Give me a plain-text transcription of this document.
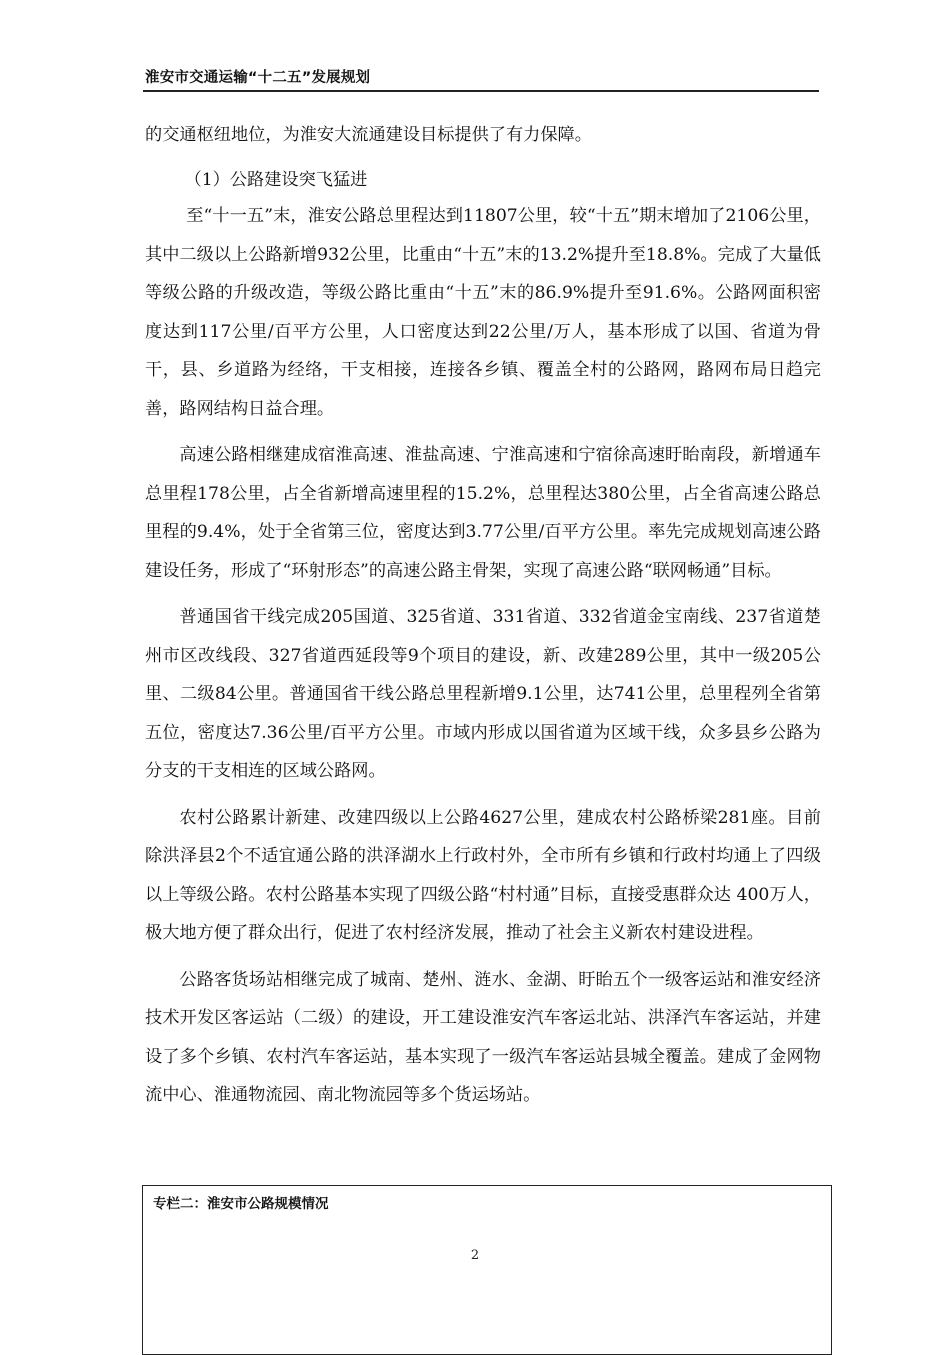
淮安市交通运输“十二五”发展规划

的交通枢纽地位，为淮安大流通建设目标提供了有力保障。

（1）公路建设突飞猛进

至“十一五”末，淮安公路总里程达到11807公里，较“十五”期末增加了2106公里，其中二级以上公路新增932公里，比重由“十五”末的13.2%提升至18.8%。完成了大量低等级公路的升级改造，等级公路比重由“十五”末的86.9%提升至91.6%。公路网面积密度达到117公里/百平方公里，人口密度达到22公里/万人，基本形成了以国、省道为骨干，县、乡道路为经络，干支相接，连接各乡镇、覆盖全村的公路网，路网布局日趋完善，路网结构日益合理。

高速公路相继建成宿淮高速、淮盐高速、宁淮高速和宁宿徐高速盱眙南段，新增通车总里程178公里，占全省新增高速里程的15.2%，总里程达380公里，占全省高速公路总里程的9.4%，处于全省第三位，密度达到3.77公里/百平方公里。率先完成规划高速公路建设任务，形成了“环射形态”的高速公路主骨架，实现了高速公路“联网畅通”目标。

普通国省干线完成205国道、325省道、331省道、332省道金宝南线、237省道楚州市区改线段、327省道西延段等9个项目的建设，新、改建289公里，其中一级205公里、二级84公里。普通国省干线公路总里程新增9.1公里，达741公里，总里程列全省第五位，密度达7.36公里/百平方公里。市域内形成以国省道为区域干线，众多县乡公路为分支的干支相连的区域公路网。

农村公路累计新建、改建四级以上公路4627公里，建成农村公路桥梁281座。目前除洪泽县2个不适宜通公路的洪泽湖水上行政村外，全市所有乡镇和行政村均通上了四级以上等级公路。农村公路基本实现了四级公路“村村通”目标，直接受惠群众达 400万人，极大地方便了群众出行，促进了农村经济发展，推动了社会主义新农村建设进程。

公路客货场站相继完成了城南、楚州、涟水、金湖、盱眙五个一级客运站和淮安经济技术开发区客运站（二级）的建设，开工建设淮安汽车客运北站、洪泽汽车客运站，并建设了多个乡镇、农村汽车客运站，基本实现了一级汽车客运站县城全覆盖。建成了金网物流中心、淮通物流园、南北物流园等多个货运场站。

专栏二：淮安市公路规模情况
2
